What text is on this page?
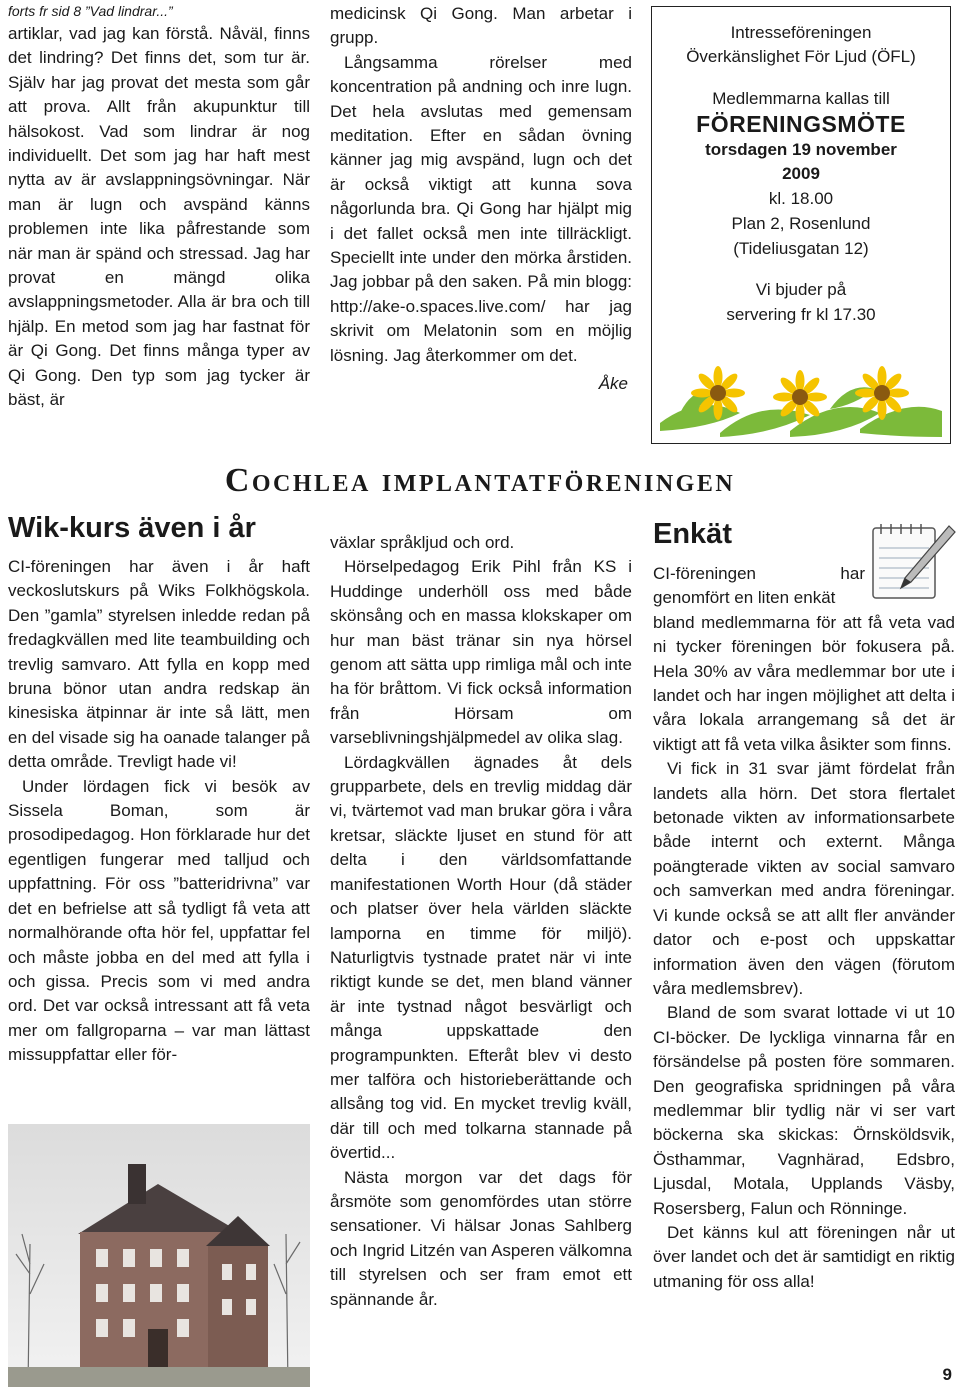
forts fr sid 8 ”Vad lindrar...”

artiklar, vad jag kan förstå. Nåväl, finns det lindring? Det finns det, som tur är. Själv har jag provat det mesta som går att prova. Allt från akupunktur till hälsokost. Vad som lindrar är nog individuellt. Det som jag har haft mest nytta av är avslappningsövningar. När man är lugn och avspänd känns problemen inte lika påfrestande som när man är spänd och stressad. Jag har provat en mängd olika avslappningsmetoder. Alla är bra och till hjälp. En metod som jag har fastnat för är Qi Gong. Det finns många typer av Qi Gong. Den typ som jag tycker är bäst, är

medicinsk Qi Gong. Man arbetar i grupp.

Långsamma rörelser med koncentration på andning och inre lugn. Det hela avslutas med gemensam meditation. Efter en sådan övning känner jag mig avspänd, lugn och det är också viktigt att kunna sova någorlunda bra. Qi Gong har hjälpt mig i det fallet också men inte tillräckligt. Speciellt inte under den mörka årstiden. Jag jobbar på den saken. På min blogg: http://ake-o.spaces.live.com/ har jag skrivit om Melatonin som en möjlig lösning. Jag återkommer om det.

Åke
Intresseföreningen
Överkänslighet För Ljud (ÖFL)
Medlemmarna kallas till
FÖRENINGSMÖTE
torsdagen 19 november
2009
kl. 18.00
Plan 2, Rosenlund
(Tideliusgatan 12)
Vi bjuder på
servering fr kl 17.30
Cochlea implantatföreningen
Wik-kurs även i år

CI-föreningen har även i år haft veckoslutskurs på Wiks Folkhögskola. Den ”gamla” styrelsen inledde redan på fredagkvällen med lite teambuilding och trevlig samvaro. Att fylla en kopp med bruna bönor utan andra redskap än kinesiska ätpinnar är inte så lätt, men en del visade sig ha oanade talanger på detta område. Trevligt hade vi!

Under lördagen fick vi besök av Sissela Boman, som är prosodipedagog. Hon förklarade hur det egentligen fungerar med talljud och uppfattning. För oss ”batteridrivna” var det en befrielse att så tydligt få veta att normalhörande ofta hör fel, uppfattar fel och måste jobba en del med att fylla i och gissa. Precis som vi med andra ord. Det var också intressant att få veta mer om fallgroparna – var man lättast missuppfattar eller för-

växlar språkljud och ord.

Hörselpedagog Erik Pihl från KS i Huddinge underhöll oss med både skönsång och en massa klokskaper om hur man bäst tränar sin nya hörsel genom att sätta upp rimliga mål och inte ha för bråttom. Vi fick också information från Hörsam om varseblivningshjälpmedel av olika slag.

Lördagkvällen ägnades åt dels grupparbete, dels en trevlig middag där vi, tvärtemot vad man brukar göra i våra kretsar, släckte ljuset en stund för att delta i den världsomfattande manifestationen Worth Hour (då städer och platser över hela världen släckte lamporna en timme för miljö). Naturligtvis tystnade pratet när vi inte riktigt kunde se det, men bland vänner är inte tystnad något besvärligt och många uppskattade den programpunkten. Efteråt blev vi desto mer talföra och historieberättande och allsång tog vid. En mycket trevlig kväll, där till och med tolkarna stannade på övertid...

Nästa morgon var det dags för årsmöte som genomfördes utan större sensationer. Vi hälsar Jonas Sahlberg och Ingrid Litzén van Asperen välkomna till styrelsen och ser fram emot ett spännande år.

Enkät

CI-föreningen har genomfört en liten enkät

bland medlemmarna för att få veta vad ni tycker föreningen bör fokusera på. Hela 30% av våra medlemmar bor ute i landet och har ingen möjlighet att delta i våra lokala arrangemang så det är viktigt att få veta vilka åsikter som finns.

Vi fick in 31 svar jämt fördelat från landets alla hörn. Det stora flertalet betonade vikten av informationsarbete både internt och externt. Många poängterade vikten av social samvaro och samverkan med andra föreningar. Vi kunde också se att allt fler använder dator och e-post och uppskattar information även den vägen (förutom våra medlemsbrev).

Bland de som svarat lottade vi ut 10 CI-böcker. De lyckliga vinnarna får en försändelse på posten före sommaren. Den geografiska spridningen på våra medlemmar blir tydlig när vi ser vart böckerna ska skickas: Örnsköldsvik, Östhammar, Vagnhärad, Edsbro, Ljusdal, Motala, Upplands Väsby, Rosersberg, Falun och Rönninge.

Det känns kul att föreningen når ut över landet och det är samtidigt en riktig utmaning för oss alla!

9
